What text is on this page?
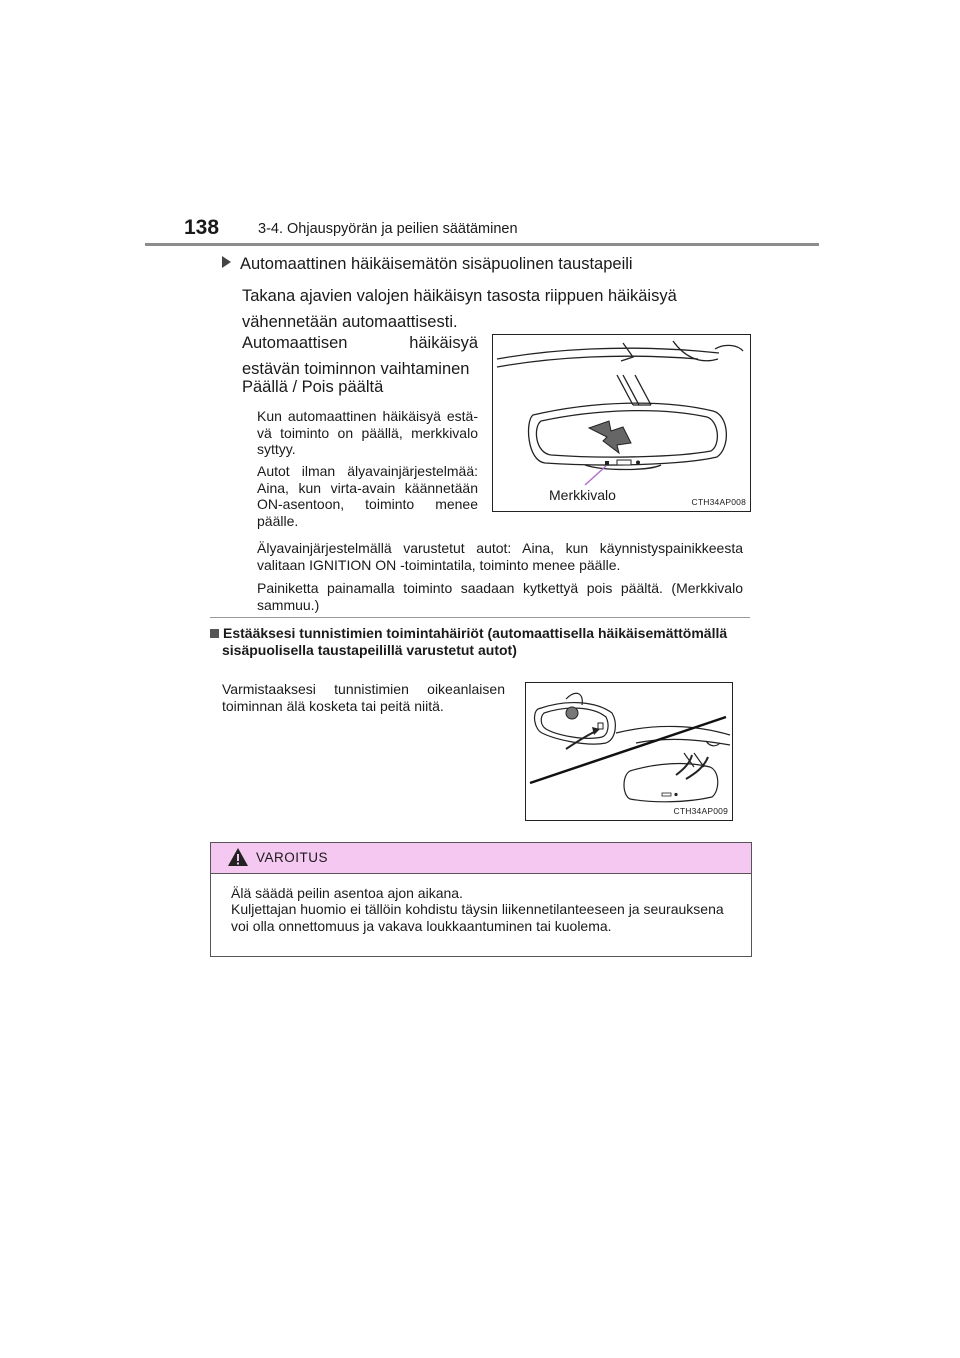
138	3-4. Ohjauspyörän ja peilien säätäminen
Automaattinen häikäisemätön sisäpuolinen taustapeili
Takana ajavien valojen häikäisyn tasosta riippuen häikäisyä vähennetään automaattisesti.
Automaattisen häikäisyä estävän toiminnon vaihtaminen
Päällä / Pois päältä
Kun automaattinen häikäisyä estä-vä toiminto on päällä, merkkivalo syttyy.
Autot ilman älyavainjärjestelmää: Aina, kun virta-avain käännetään ON-asentoon, toiminto menee päälle.
Älyavainjärjestelmällä varustetut autot: Aina, kun käynnistyspainikkeesta valitaan IGNITION ON -toimintatila, toiminto menee päälle.
Painiketta painamalla toiminto saadaan kytkettyä pois päältä. (Merkkivalo sammuu.)
Merkkivalo	CTH34AP008
Estääksesi tunnistimien toimintahäiriöt (automaattisella häikäisemättömällä
sisäpuolisella taustapeilillä varustetut autot)
Varmistaaksesi tunnistimien oikeanlaisen toiminnan älä kosketa tai peitä niitä.
CTH34AP009
VAROITUS
Älä säädä peilin asentoa ajon aikana.
Kuljettajan huomio ei tällöin kohdistu täysin liikennetilanteeseen ja seurauksena voi olla onnettomuus ja vakava loukkaantuminen tai kuolema.
